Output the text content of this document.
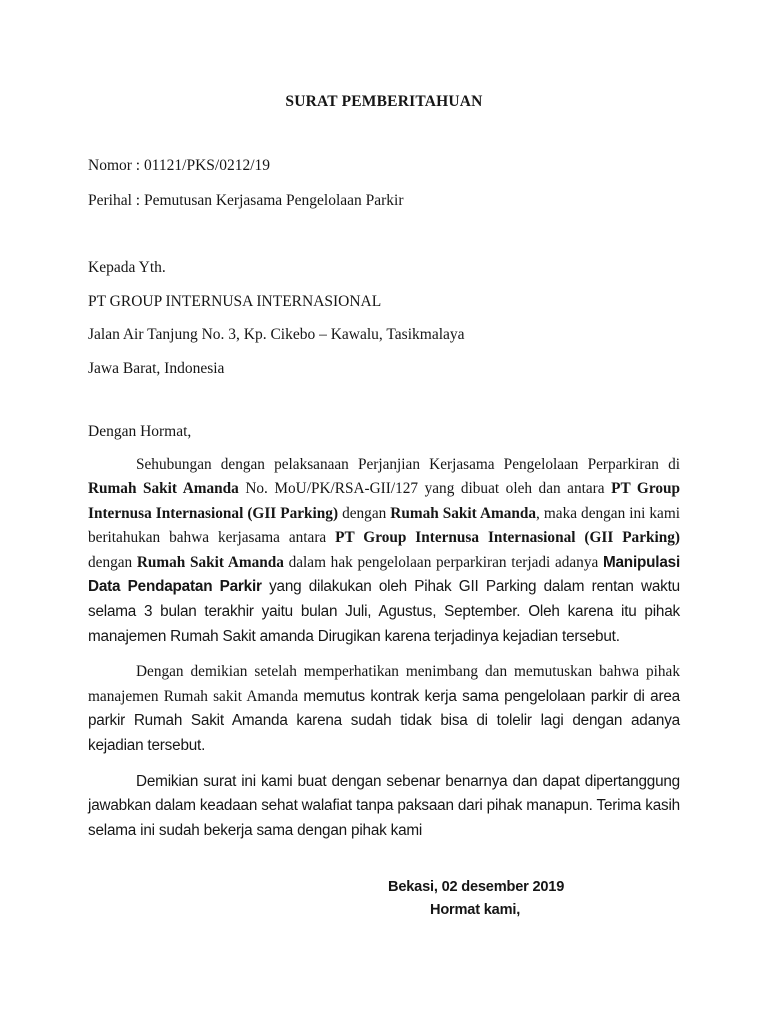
SURAT PEMBERITAHUAN
Nomor : 01121/PKS/0212/19
Perihal : Pemutusan Kerjasama Pengelolaan Parkir
Kepada Yth.
PT GROUP INTERNUSA INTERNASIONAL
Jalan Air Tanjung No. 3, Kp. Cikebo – Kawalu, Tasikmalaya
Jawa Barat, Indonesia
Dengan Hormat,

Sehubungan dengan pelaksanaan Perjanjian Kerjasama Pengelolaan Perparkiran di Rumah Sakit Amanda No. MoU/PK/RSA-GII/127 yang dibuat oleh dan antara PT Group Internusa Internasional (GII Parking) dengan Rumah Sakit Amanda, maka dengan ini kami beritahukan bahwa kerjasama antara PT Group Internusa Internasional (GII Parking) dengan Rumah Sakit Amanda dalam hak pengelolaan perparkiran terjadi adanya Manipulasi Data Pendapatan Parkir yang dilakukan oleh Pihak GII Parking dalam rentan waktu selama 3 bulan terakhir yaitu bulan Juli, Agustus, September. Oleh karena itu pihak manajemen Rumah Sakit amanda Dirugikan karena terjadinya kejadian tersebut.

Dengan demikian setelah memperhatikan menimbang dan memutuskan bahwa pihak manajemen Rumah sakit Amanda memutus kontrak kerja sama pengelolaan parkir di area parkir Rumah Sakit Amanda karena sudah tidak bisa di tolelir lagi dengan adanya kejadian tersebut.

Demikian surat ini kami buat dengan sebenar benarnya dan dapat dipertanggung jawabkan dalam keadaan sehat walafiat tanpa paksaan dari pihak manapun. Terima kasih selama ini sudah bekerja sama dengan pihak kami

Bekasi, 02 desember 2019
Hormat kami,
